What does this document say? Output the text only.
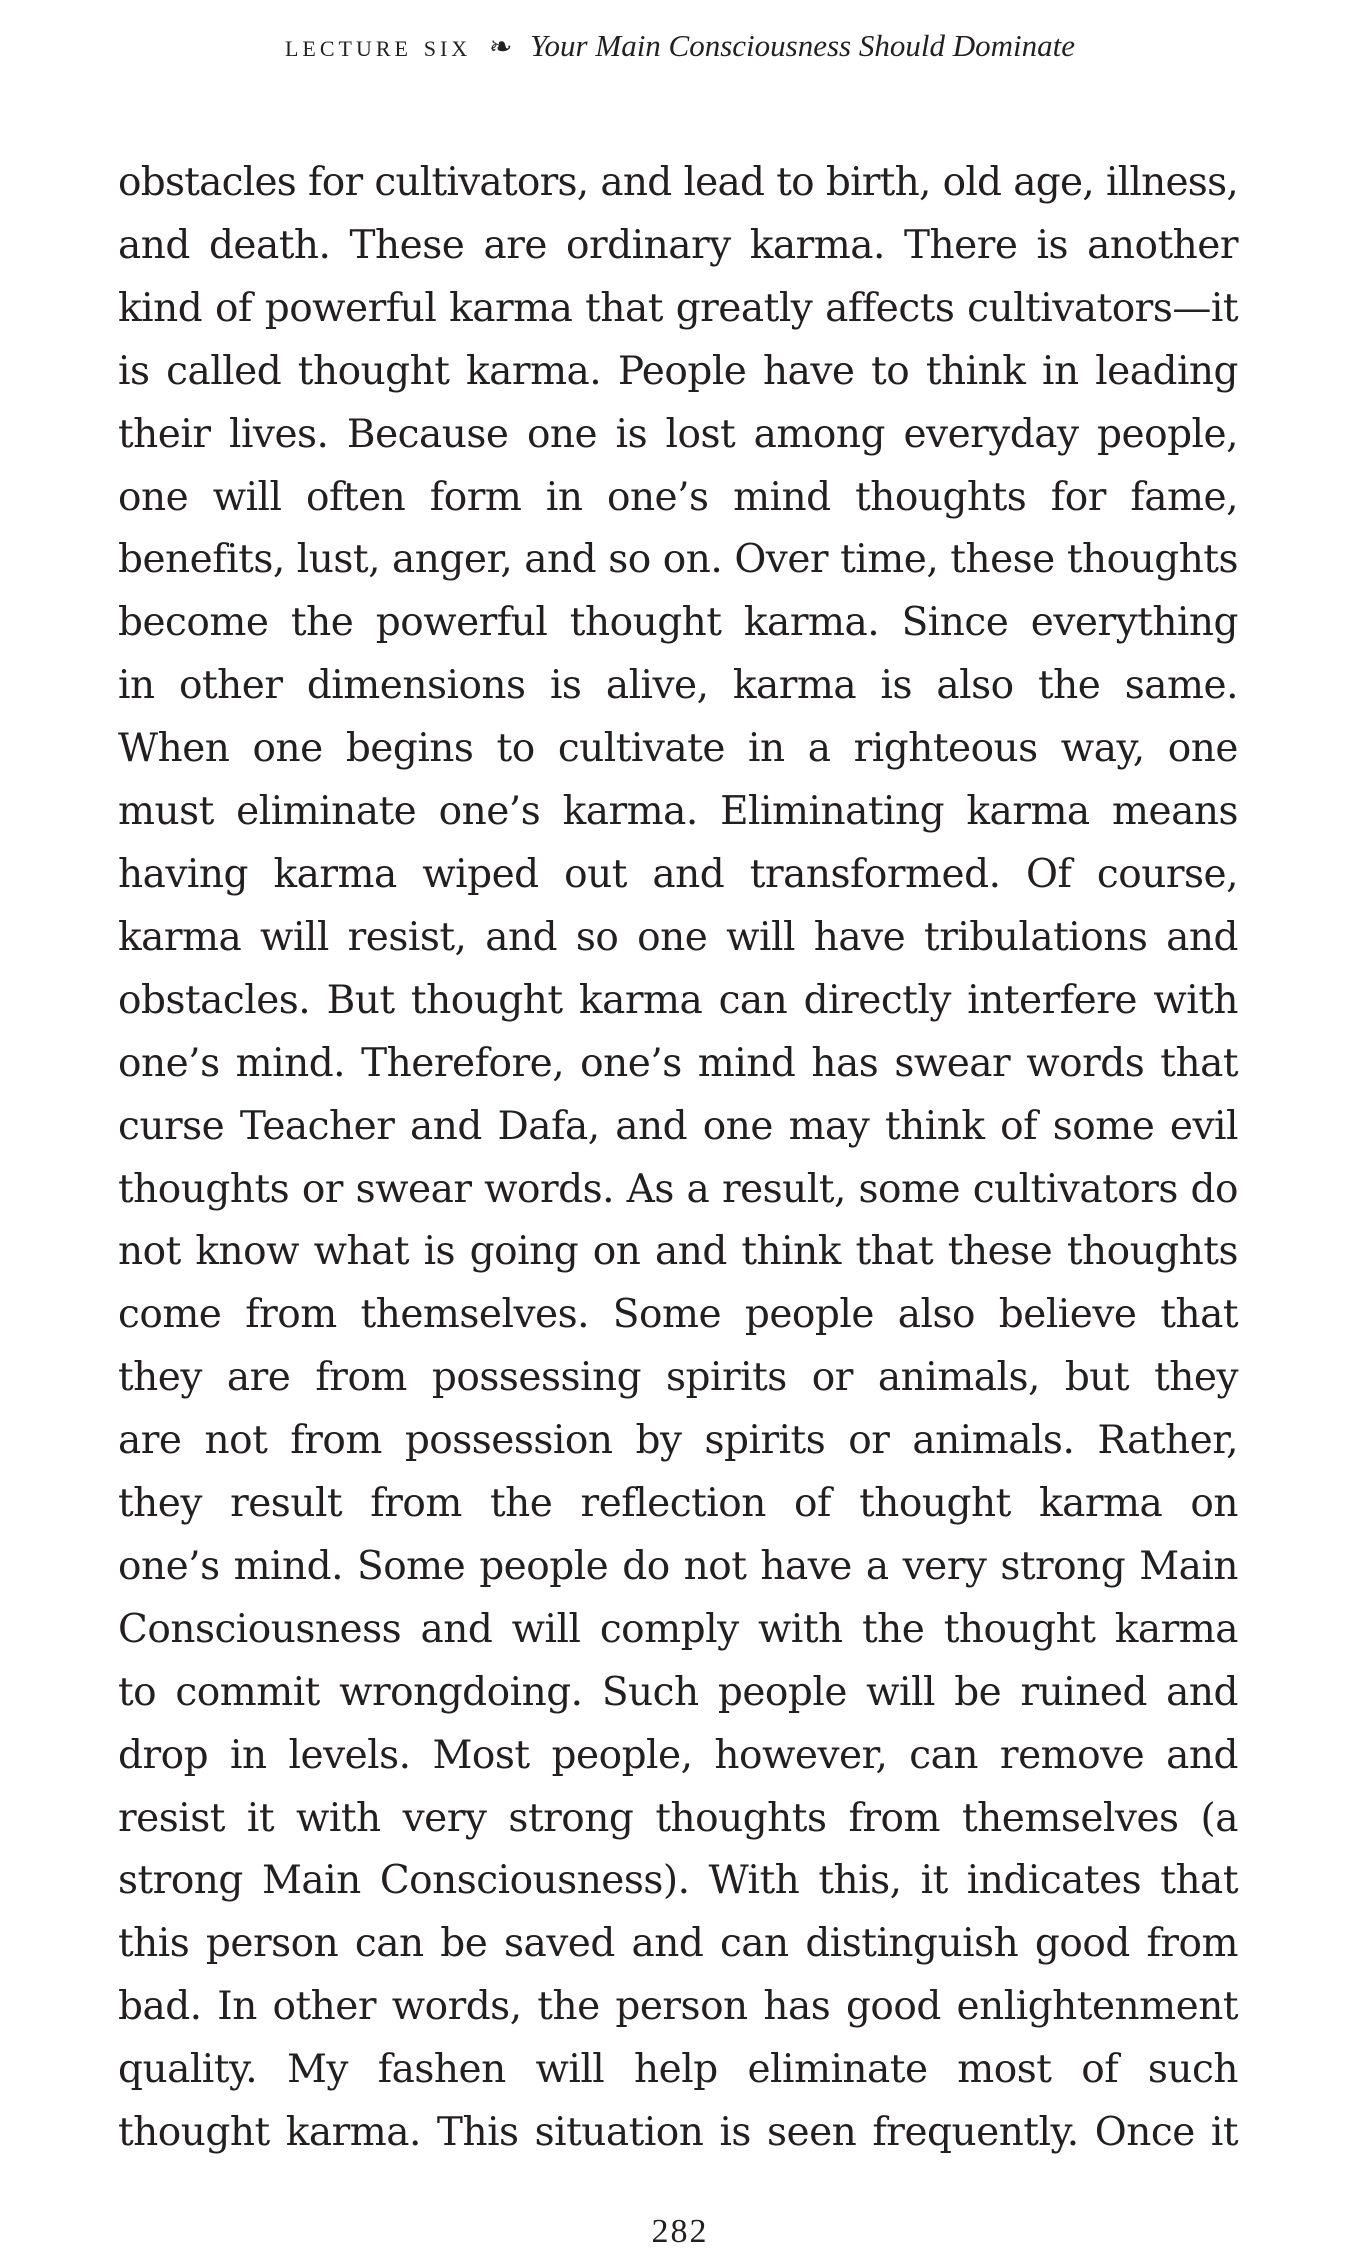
lecture six ❧ Your Main Consciousness Should Dominate
obstacles for cultivators, and lead to birth, old age, illness,
and death. These are ordinary karma. There is another
kind of powerful karma that greatly affects cultivators—it
is called thought karma. People have to think in leading
their lives. Because one is lost among everyday people,
one will often form in one’s mind thoughts for fame,
benefits, lust, anger, and so on. Over time, these thoughts
become the powerful thought karma. Since everything
in other dimensions is alive, karma is also the same.
When one begins to cultivate in a righteous way, one
must eliminate one’s karma. Eliminating karma means
having karma wiped out and transformed. Of course,
karma will resist, and so one will have tribulations and
obstacles. But thought karma can directly interfere with
one’s mind. Therefore, one’s mind has swear words that
curse Teacher and Dafa, and one may think of some evil
thoughts or swear words. As a result, some cultivators do
not know what is going on and think that these thoughts
come from themselves. Some people also believe that
they are from possessing spirits or animals, but they
are not from possession by spirits or animals. Rather,
they result from the reflection of thought karma on
one’s mind. Some people do not have a very strong Main
Consciousness and will comply with the thought karma
to commit wrongdoing. Such people will be ruined and
drop in levels. Most people, however, can remove and
resist it with very strong thoughts from themselves (a
strong Main Consciousness). With this, it indicates that
this person can be saved and can distinguish good from
bad. In other words, the person has good enlightenment
quality. My fashen will help eliminate most of such
thought karma. This situation is seen frequently. Once it
282
